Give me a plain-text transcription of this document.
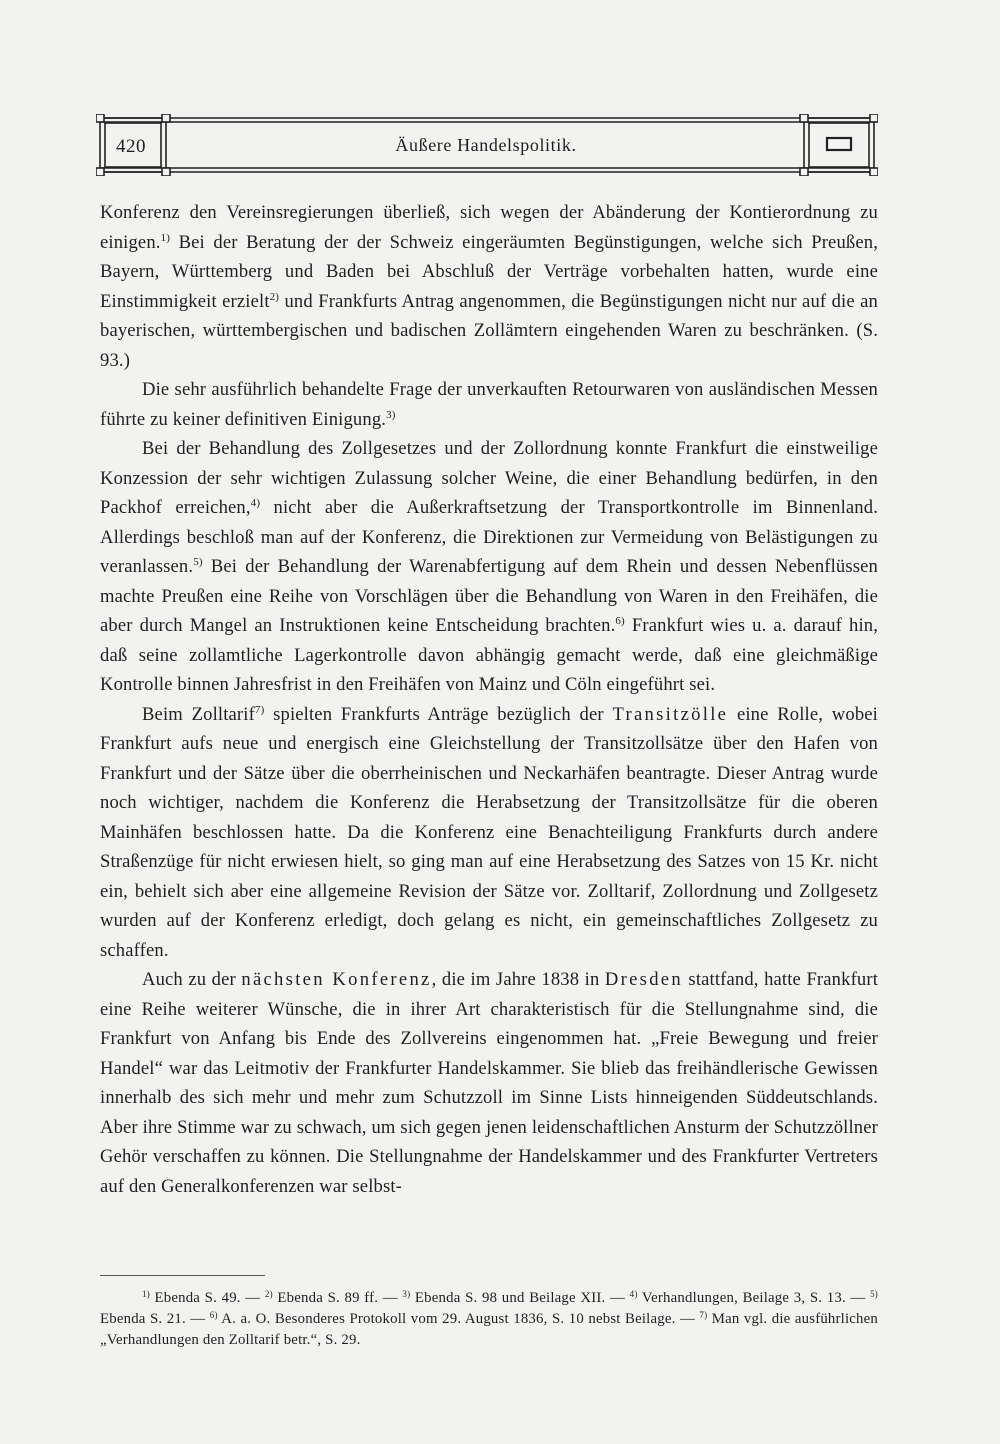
420	Äußere Handelspolitik.

Konferenz den Vereinsregierungen überließ, sich wegen der Abänderung der Kontierordnung zu einigen.$^{1)}$ Bei der Beratung der der Schweiz eingeräumten Begünstigungen, welche sich Preußen, Bayern, Württemberg und Baden bei Abschluß der Verträge vorbehalten hatten, wurde eine Einstimmigkeit erzielt$^{2)}$ und Frankfurts Antrag angenommen, die Begünstigungen nicht nur auf die an bayerischen, württembergischen und badischen Zollämtern eingehenden Waren zu beschränken. (S. 93.)

Die sehr ausführlich behandelte Frage der unverkauften Retourwaren von ausländischen Messen führte zu keiner definitiven Einigung.$^{3)}$

Bei der Behandlung des Zollgesetzes und der Zollordnung konnte Frankfurt die einstweilige Konzession der sehr wichtigen Zulassung solcher Weine, die einer Behandlung bedürfen, in den Packhof erreichen,$^{4)}$ nicht aber die Außerkraftsetzung der Transportkontrolle im Binnenland. Allerdings beschloß man auf der Konferenz, die Direktionen zur Vermeidung von Belästigungen zu veranlassen.$^{5)}$ Bei der Behandlung der Warenabfertigung auf dem Rhein und dessen Nebenflüssen machte Preußen eine Reihe von Vorschlägen über die Behandlung von Waren in den Freihäfen, die aber durch Mangel an Instruktionen keine Entscheidung brachten.$^{6)}$ Frankfurt wies u. a. darauf hin, daß seine zollamtliche Lagerkontrolle davon abhängig gemacht werde, daß eine gleichmäßige Kontrolle binnen Jahresfrist in den Freihäfen von Mainz und Cöln eingeführt sei.

Beim Zolltarif$^{7)}$ spielten Frankfurts Anträge bezüglich der Transitzölle eine Rolle, wobei Frankfurt aufs neue und energisch eine Gleichstellung der Transitzollsätze über den Hafen von Frankfurt und der Sätze über die oberrheinischen und Neckarhäfen beantragte. Dieser Antrag wurde noch wichtiger, nachdem die Konferenz die Herabsetzung der Transitzollsätze für die oberen Mainhäfen beschlossen hatte. Da die Konferenz eine Benachteiligung Frankfurts durch andere Straßenzüge für nicht erwiesen hielt, so ging man auf eine Herabsetzung des Satzes von 15 Kr. nicht ein, behielt sich aber eine allgemeine Revision der Sätze vor. Zolltarif, Zollordnung und Zollgesetz wurden auf der Konferenz erledigt, doch gelang es nicht, ein gemeinschaftliches Zollgesetz zu schaffen.

Auch zu der nächsten Konferenz, die im Jahre 1838 in Dresden stattfand, hatte Frankfurt eine Reihe weiterer Wünsche, die in ihrer Art charakteristisch für die Stellungnahme sind, die Frankfurt von Anfang bis Ende des Zollvereins eingenommen hat. „Freie Bewegung und freier Handel“ war das Leitmotiv der Frankfurter Handelskammer. Sie blieb das freihändlerische Gewissen innerhalb des sich mehr und mehr zum Schutzzoll im Sinne Lists hinneigenden Süddeutschlands. Aber ihre Stimme war zu schwach, um sich gegen jenen leidenschaftlichen Ansturm der Schutzzöllner Gehör verschaffen zu können. Die Stellungnahme der Handelskammer und des Frankfurter Vertreters auf den Generalkonferenzen war selbst-

$^{1)}$ Ebenda S. 49. — $^{2)}$ Ebenda S. 89 ff. — $^{3)}$ Ebenda S. 98 und Beilage XII. — $^{4)}$ Verhandlungen, Beilage 3, S. 13. — $^{5)}$ Ebenda S. 21. — $^{6)}$ A. a. O. Besonderes Protokoll vom 29. August 1836, S. 10 nebst Beilage. — $^{7)}$ Man vgl. die ausführlichen „Verhandlungen den Zolltarif betr.“, S. 29.
